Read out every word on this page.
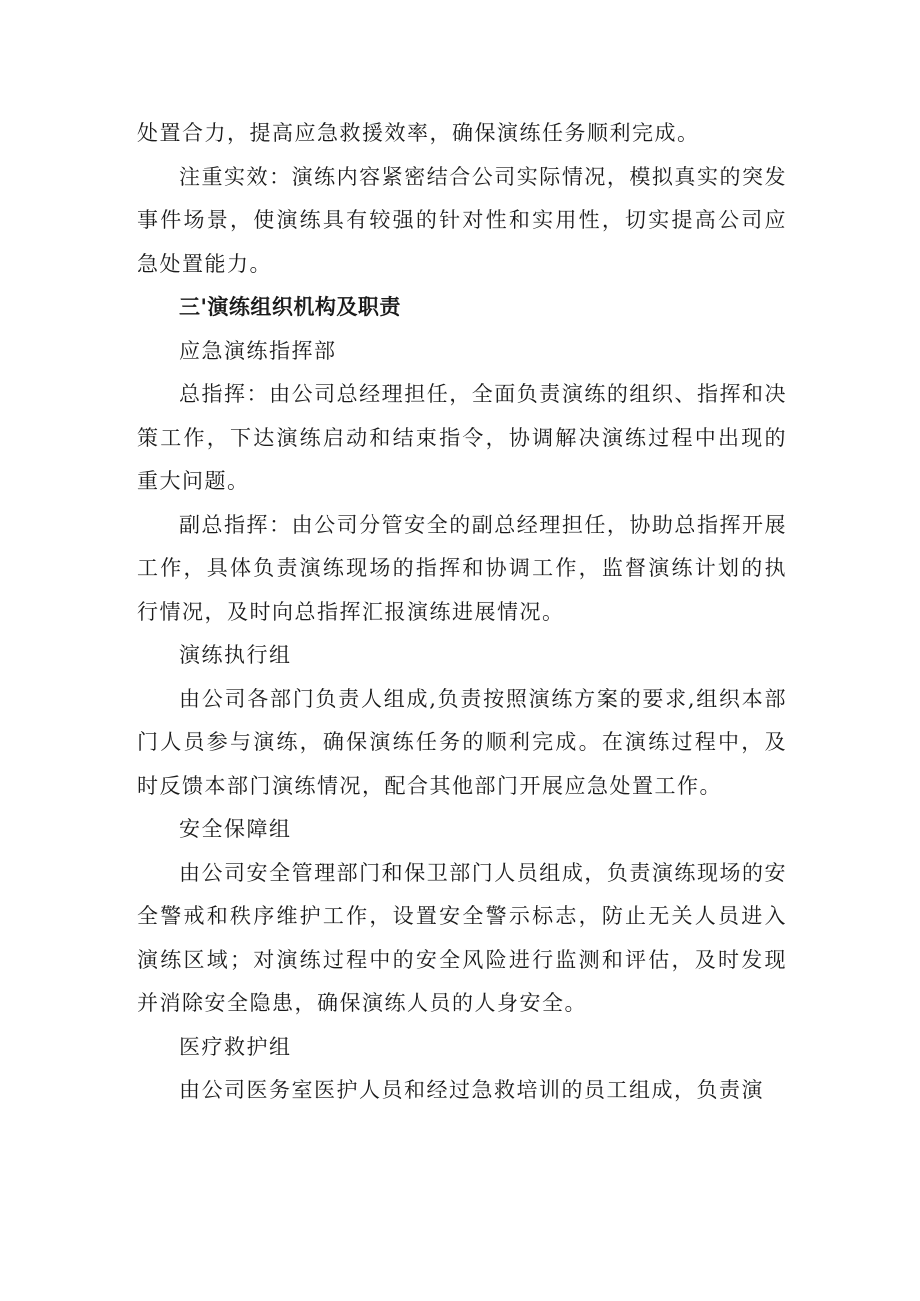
处置合力，提高应急救援效率，确保演练任务顺利完成。

注重实效：演练内容紧密结合公司实际情况，模拟真实的突发事件场景，使演练具有较强的针对性和实用性，切实提高公司应急处置能力。

三'演练组织机构及职责

应急演练指挥部

总指挥：由公司总经理担任，全面负责演练的组织、指挥和决策工作，下达演练启动和结束指令，协调解决演练过程中出现的重大问题。

副总指挥：由公司分管安全的副总经理担任，协助总指挥开展工作，具体负责演练现场的指挥和协调工作，监督演练计划的执行情况，及时向总指挥汇报演练进展情况。

演练执行组

由公司各部门负责人组成,负责按照演练方案的要求,组织本部门人员参与演练，确保演练任务的顺利完成。在演练过程中，及时反馈本部门演练情况，配合其他部门开展应急处置工作。

安全保障组

由公司安全管理部门和保卫部门人员组成，负责演练现场的安全警戒和秩序维护工作，设置安全警示标志，防止无关人员进入演练区域；对演练过程中的安全风险进行监测和评估，及时发现并消除安全隐患，确保演练人员的人身安全。

医疗救护组

由公司医务室医护人员和经过急救培训的员工组成，负责演
